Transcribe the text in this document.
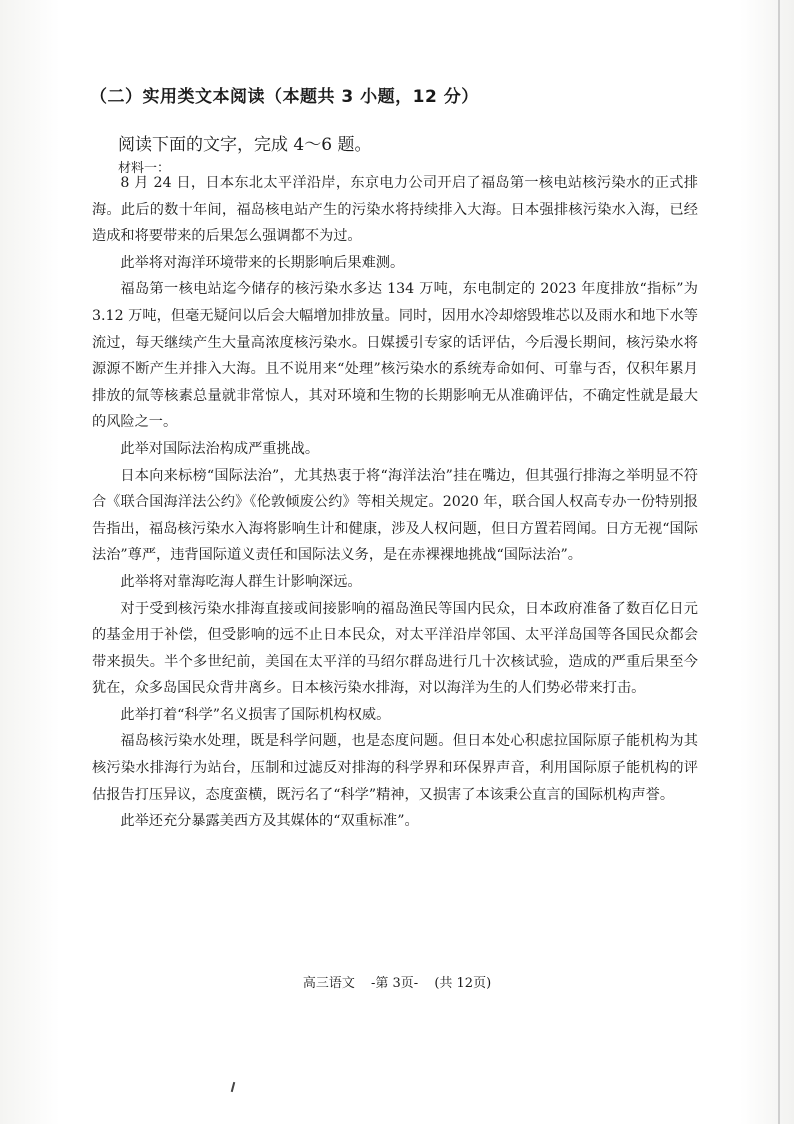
（二）实用类文本阅读（本题共 3 小题，12 分）
阅读下面的文字，完成 4～6 题。
材料一：

8 月 24 日，日本东北太平洋沿岸，东京电力公司开启了福岛第一核电站核污染水的正式排海。此后的数十年间，福岛核电站产生的污染水将持续排入大海。日本强排核污染水入海，已经造成和将要带来的后果怎么强调都不为过。

此举将对海洋环境带来的长期影响后果难测。

福岛第一核电站迄今储存的核污染水多达 134 万吨，东电制定的 2023 年度排放“指标”为 3.12 万吨，但毫无疑问以后会大幅增加排放量。同时，因用水冷却熔毁堆芯以及雨水和地下水等流过，每天继续产生大量高浓度核污染水。日媒援引专家的话评估，今后漫长期间，核污染水将源源不断产生并排入大海。且不说用来“处理”核污染水的系统寿命如何、可靠与否，仅积年累月排放的氚等核素总量就非常惊人，其对环境和生物的长期影响无从准确评估，不确定性就是最大的风险之一。

此举对国际法治构成严重挑战。

日本向来标榜“国际法治”，尤其热衷于将“海洋法治”挂在嘴边，但其强行排海之举明显不符合《联合国海洋法公约》《伦敦倾废公约》等相关规定。2020 年，联合国人权高专办一份特别报告指出，福岛核污染水入海将影响生计和健康，涉及人权问题，但日方置若罔闻。日方无视“国际法治”尊严，违背国际道义责任和国际法义务，是在赤裸裸地挑战“国际法治”。

此举将对靠海吃海人群生计影响深远。

对于受到核污染水排海直接或间接影响的福岛渔民等国内民众，日本政府准备了数百亿日元的基金用于补偿，但受影响的远不止日本民众，对太平洋沿岸邻国、太平洋岛国等各国民众都会带来损失。半个多世纪前，美国在太平洋的马绍尔群岛进行几十次核试验，造成的严重后果至今犹在，众多岛国民众背井离乡。日本核污染水排海，对以海洋为生的人们势必带来打击。

此举打着“科学”名义损害了国际机构权威。

福岛核污染水处理，既是科学问题，也是态度问题。但日本处心积虑拉国际原子能机构为其核污染水排海行为站台，压制和过滤反对排海的科学界和环保界声音，利用国际原子能机构的评估报告打压异议，态度蛮横，既污名了“科学”精神，又损害了本该秉公直言的国际机构声誉。

此举还充分暴露美西方及其媒体的“双重标准”。

高三语文 -第 3页- (共 12页)
